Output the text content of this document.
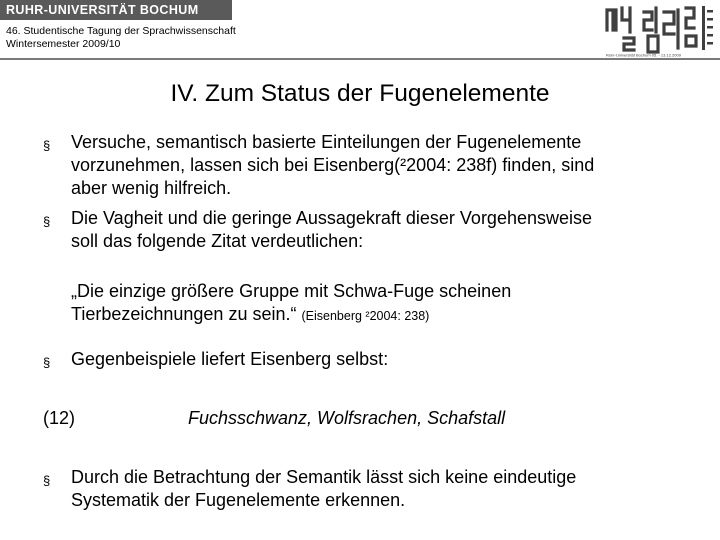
RUHR-UNIVERSITÄT BOCHUM
46. Studentische Tagung der Sprachwissenschaft
Wintersemester 2009/10
Ruhr-Universität Bochum 05. - 13.12.2009
IV. Zum Status der Fugenelemente
§ Versuche, semantisch basierte Einteilungen der Fugenelemente
vorzunehmen, lassen sich bei Eisenberg(²2004: 238f) finden, sind
aber wenig hilfreich.
§ Die Vagheit und die geringe Aussagekraft dieser Vorgehensweise
soll das folgende Zitat verdeutlichen:
„Die einzige größere Gruppe mit Schwa-Fuge scheinen
Tierbezeichnungen zu sein.“ (Eisenberg ²2004: 238)
§ Gegenbeispiele liefert Eisenberg selbst:
(12)	Fuchsschwanz, Wolfsrachen, Schafstall
§ Durch die Betrachtung der Semantik lässt sich keine eindeutige
Systematik der Fugenelemente erkennen.
